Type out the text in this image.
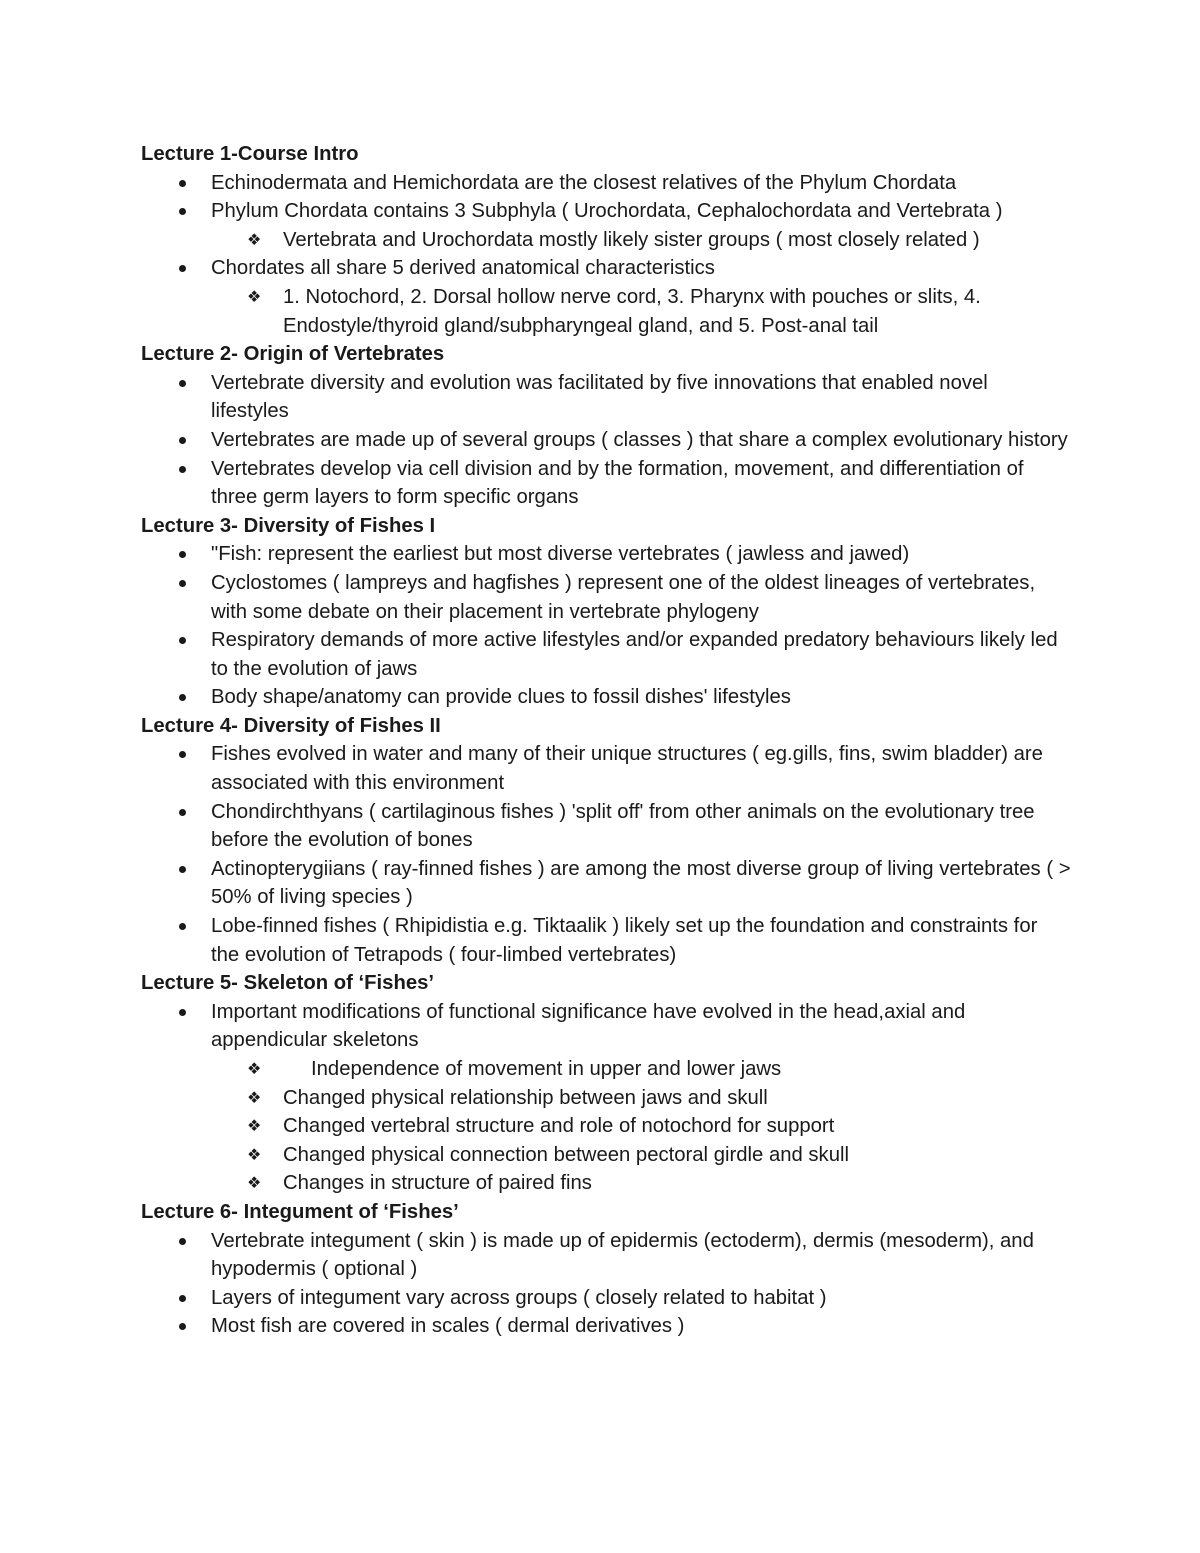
Lecture 1-Course Intro

Echinodermata and Hemichordata are the closest relatives of the Phylum Chordata
Phylum Chordata contains 3 Subphyla ( Urochordata, Cephalochordata and Vertebrata )
❖ Vertebrata and Urochordata mostly likely sister groups ( most closely related )
Chordates all share 5 derived anatomical characteristics
❖ 1. Notochord, 2. Dorsal hollow nerve cord, 3. Pharynx with pouches or slits, 4. Endostyle/thyroid gland/subpharyngeal gland, and 5. Post-anal tail

Lecture 2- Origin of Vertebrates

Vertebrate diversity and evolution was facilitated by five innovations that enabled novel lifestyles
Vertebrates are made up of several groups ( classes ) that share a complex evolutionary history
Vertebrates develop via cell division and by the formation, movement, and differentiation of three germ layers to form specific organs

Lecture 3- Diversity of Fishes I

"Fish: represent the earliest but most diverse vertebrates ( jawless and jawed)
Cyclostomes ( lampreys and hagfishes ) represent one of the oldest lineages of vertebrates, with some debate on their placement in vertebrate phylogeny
Respiratory demands of more active lifestyles and/or expanded predatory behaviours likely led to the evolution of jaws
Body shape/anatomy can provide clues to fossil dishes' lifestyles

Lecture 4- Diversity of Fishes II

Fishes evolved in water and many of their unique structures ( eg.gills, fins, swim bladder) are associated with this environment
Chondirchthyans ( cartilaginous fishes ) 'split off' from other animals on the evolutionary tree before the evolution of bones
Actinopterygiians ( ray-finned fishes ) are among the most diverse group of living vertebrates ( > 50% of living species )
Lobe-finned fishes ( Rhipidistia e.g. Tiktaalik ) likely set up the foundation and constraints for the evolution of Tetrapods ( four-limbed vertebrates)

Lecture 5- Skeleton of ‘Fishes’

Important modifications of functional significance have evolved in the head,axial and appendicular skeletons
❖ Independence of movement in upper and lower jaws
❖ Changed physical relationship between jaws and skull
❖ Changed vertebral structure and role of notochord for support
❖ Changed physical connection between pectoral girdle and skull
❖ Changes in structure of paired fins

Lecture 6- Integument of ‘Fishes’

Vertebrate integument ( skin ) is made up of epidermis (ectoderm), dermis (mesoderm), and hypodermis ( optional )
Layers of integument vary across groups ( closely related to habitat )
Most fish are covered in scales ( dermal derivatives )
